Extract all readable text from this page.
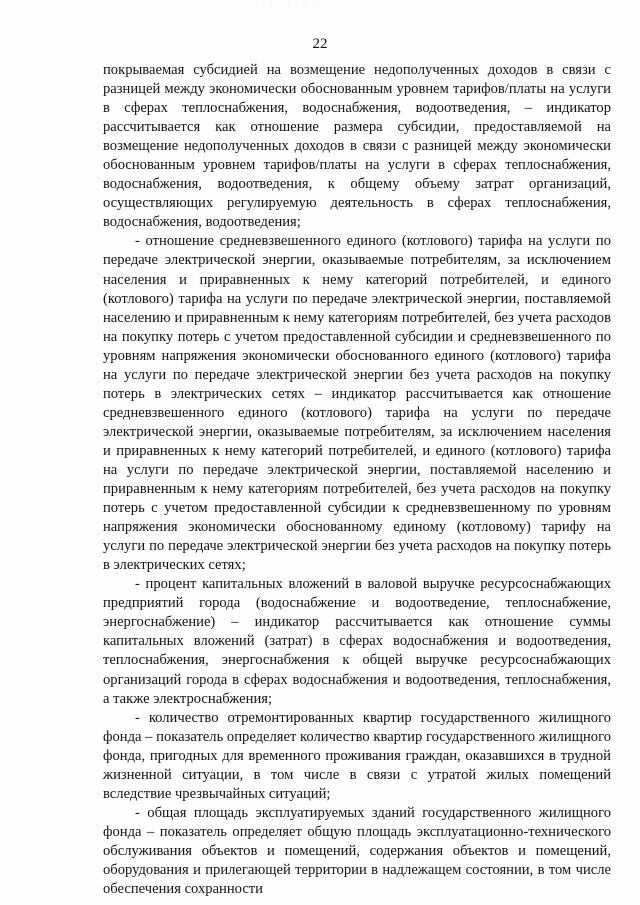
· · · · · · ·
22

покрываемая субсидией на возмещение недополученных доходов в связи с разницей между экономически обоснованным уровнем тарифов/платы на услуги в сферах теплоснабжения, водоснабжения, водоотведения, – индикатор рассчитывается как отношение размера субсидии, предоставляемой на возмещение недополученных доходов в связи с разницей между экономически обоснованным уровнем тарифов/платы на услуги в сферах теплоснабжения, водоснабжения, водоотведения, к общему объему затрат организаций, осуществляющих регулируемую деятельность в сферах теплоснабжения, водоснабжения, водоотведения;

- отношение средневзвешенного единого (котлового) тарифа на услуги по передаче электрической энергии, оказываемые потребителям, за исключением населения и приравненных к нему категорий потребителей, и единого (котлового) тарифа на услуги по передаче электрической энергии, поставляемой населению и приравненным к нему категориям потребителей, без учета расходов на покупку потерь с учетом предоставленной субсидии и средневзвешенного по уровням напряжения экономически обоснованного единого (котлового) тарифа на услуги по передаче электрической энергии без учета расходов на покупку потерь в электрических сетях – индикатор рассчитывается как отношение средневзвешенного единого (котлового) тарифа на услуги по передаче электрической энергии, оказываемые потребителям, за исключением населения и приравненных к нему категорий потребителей, и единого (котлового) тарифа на услуги по передаче электрической энергии, поставляемой населению и приравненным к нему категориям потребителей, без учета расходов на покупку потерь с учетом предоставленной субсидии к средневзвешенному по уровням напряжения экономически обоснованному единому (котловому) тарифу на услуги по передаче электрической энергии без учета расходов на покупку потерь в электрических сетях;

- процент капитальных вложений в валовой выручке ресурсоснабжающих предприятий города (водоснабжение и водоотведение, теплоснабжение, энергоснабжение) – индикатор рассчитывается как отношение суммы капитальных вложений (затрат) в сферах водоснабжения и водоотведения, теплоснабжения, энергоснабжения к общей выручке ресурсоснабжающих организаций города в сферах водоснабжения и водоотведения, теплоснабжения, а также электроснабжения;

- количество отремонтированных квартир государственного жилищного фонда – показатель определяет количество квартир государственного жилищного фонда, пригодных для временного проживания граждан, оказавшихся в трудной жизненной ситуации, в том числе в связи с утратой жилых помещений вследствие чрезвычайных ситуаций;

- общая площадь эксплуатируемых зданий государственного жилищного фонда – показатель определяет общую площадь эксплуатационно-технического обслуживания объектов и помещений, содержания объектов и помещений, оборудования и прилегающей территории в надлежащем состоянии, в том числе обеспечения сохранности
